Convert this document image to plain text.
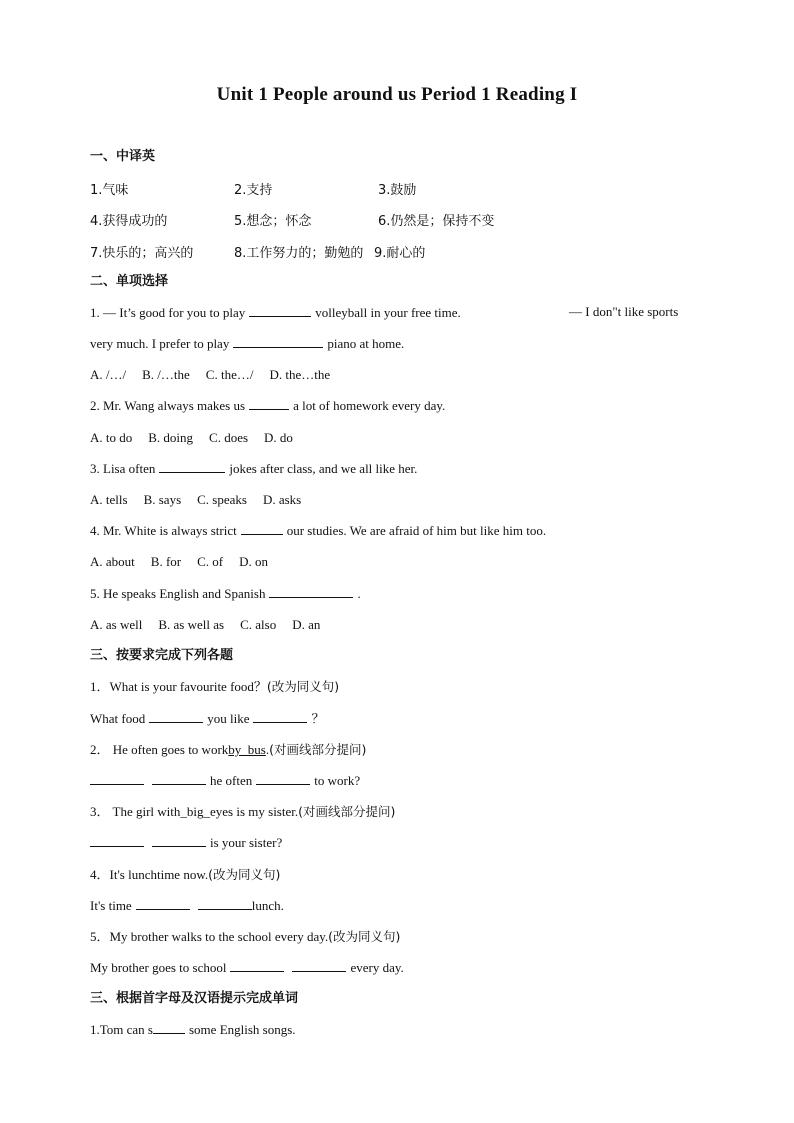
Unit 1 People around us Period 1 Reading I
一、中译英
1.气味	2.支持	3.鼓励
4.获得成功的	5.想念；怀念	6.仍然是；保持不变
7.快乐的；高兴的	8.工作努力的；勤勉的 9.耐心的
二、单项选择
1. — It’s good for you to play	volleyball in your free time.	— I don"t like sports
very much. I prefer to play	piano at home.
A. /…/ B. /…the C. the…/ D. the…the
2. Mr. Wang always makes us	a lot of homework every day.
A. to do B. doing C. does D. do
3. Lisa often	jokes after class, and we all like her.
A. tells B. says C. speaks D. asks
4. Mr. White is always strict	our studies. We are afraid of him but like him too.
A. about B. for C. of D. on
5. He speaks English and Spanish	.
A. as well B. as well as C. also D. an
三、按要求完成下列各题
1．What is your favourite food？(改为同义句)
What food	you like	？
2． He often goes to workby_bus.(对画线部分提问)
he often	to work?
3． The girl with_big_eyes is my sister.(对画线部分提问)
is your sister?
4．It's lunchtime now.(改为同义句)
It's time	lunch.
5．My brother walks to the school every day.(改为同义句)
My brother goes to school	every day.
三、根据首字母及汉语提示完成单词
1.Tom can s	some English songs.
